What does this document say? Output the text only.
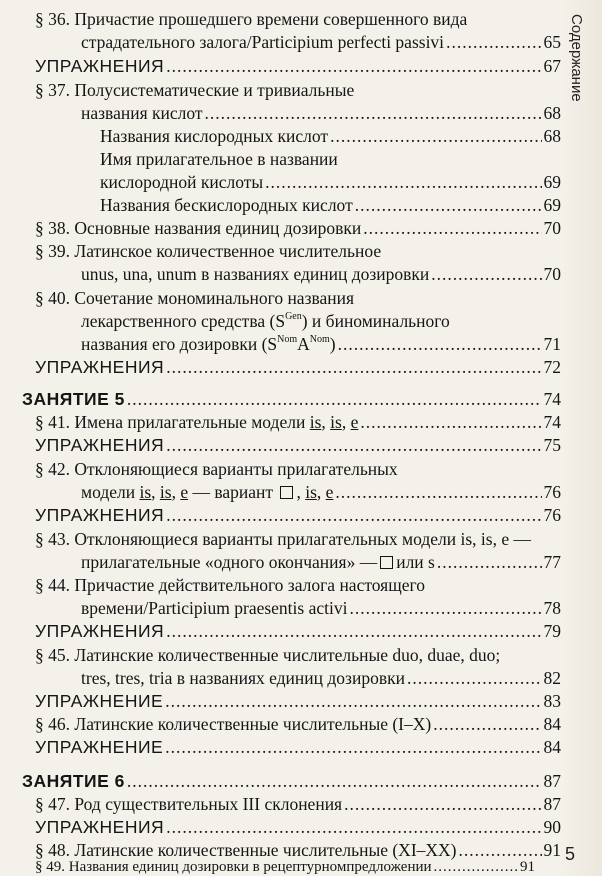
Содержание
§ 36. Причастие прошедшего времени совершенного вида
страдательного залога/Participium perfecti passivi .....	65
УПРАЖНЕНИЯ .....	67
§ 37. Полусистематические и тривиальные
названия кислот .....	68
Названия кислородных кислот .....	68
Имя прилагательное в названии
кислородной кислоты .....	69
Названия бескислородных кислот .....	69
§ 38. Основные названия единиц дозировки .....	70
§ 39. Латинское количественное числительное
unus, una, unum в названиях единиц дозировки .....	70
§ 40. Сочетание мономинального названия
лекарственного средства $(S^{Gen})$ и биноминального
названия его дозировки $(S^{Nom}A^{Nom})$ .....	71
УПРАЖНЕНИЯ .....	72
ЗАНЯТИЕ 5 .....	74
§ 41. Имена прилагательные модели is, is, e .....	74
УПРАЖНЕНИЯ .....	75
§ 42. Отклоняющиеся варианты прилагательных
модели is, is, e — вариант , is, e .....	76
УПРАЖНЕНИЯ .....	76
§ 43. Отклоняющиеся варианты прилагательных модели is, is, e —
прилагательные «одного окончания» — или s .....	77
§ 44. Причастие действительного залога настоящего
времени/Participium praesentis activi .....	78
УПРАЖНЕНИЯ .....	79
§ 45. Латинские количественные числительные duo, duae, duo;
tres, tres, tria в названиях единиц дозировки .....	82
УПРАЖНЕНИЕ .....	83
§ 46. Латинские количественные числительные (I–X) .....	84
УПРАЖНЕНИЕ .....	84
ЗАНЯТИЕ 6 .....	87
§ 47. Род существительных III склонения .....	87
УПРАЖНЕНИЯ .....	90
§ 48. Латинские количественные числительные (XI–XX) .....	91
§ 49. Названия единиц дозировки в рецептурном предложении .....	91
5
